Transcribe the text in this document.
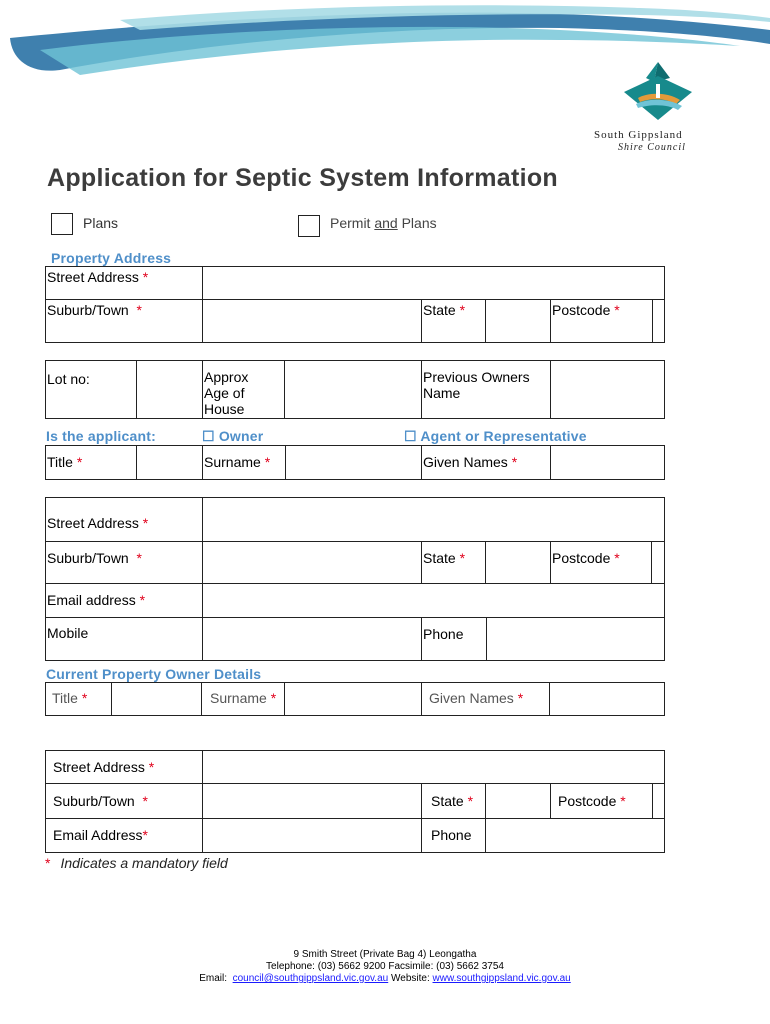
South Gippsland
Shire Council
Application for Septic System Information
Plans	Permit and Plans
Property Address
Street Address *					
Suburb/Town *		State *		Postcode *	
Lot no:		Approx Age of House		Previous Owners Name	
Is the applicant:	☐ Owner	☐ Agent or Representative
Title *		Surname *		Given Names *	
Street Address *					
Suburb/Town *		State *		Postcode *	
Email address *					
Mobile		Phone			
Current Property Owner Details
Title *		Surname *		Given Names *	
Street Address *					
Suburb/Town *		State *		Postcode *	
Email Address*		Phone			
* Indicates a mandatory field
9 Smith Street (Private Bag 4) Leongatha
Telephone: (03) 5662 9200 Facsimile: (03) 5662 3754
Email: council@southgippsland.vic.gov.au Website: www.southgippsland.vic.gov.au
